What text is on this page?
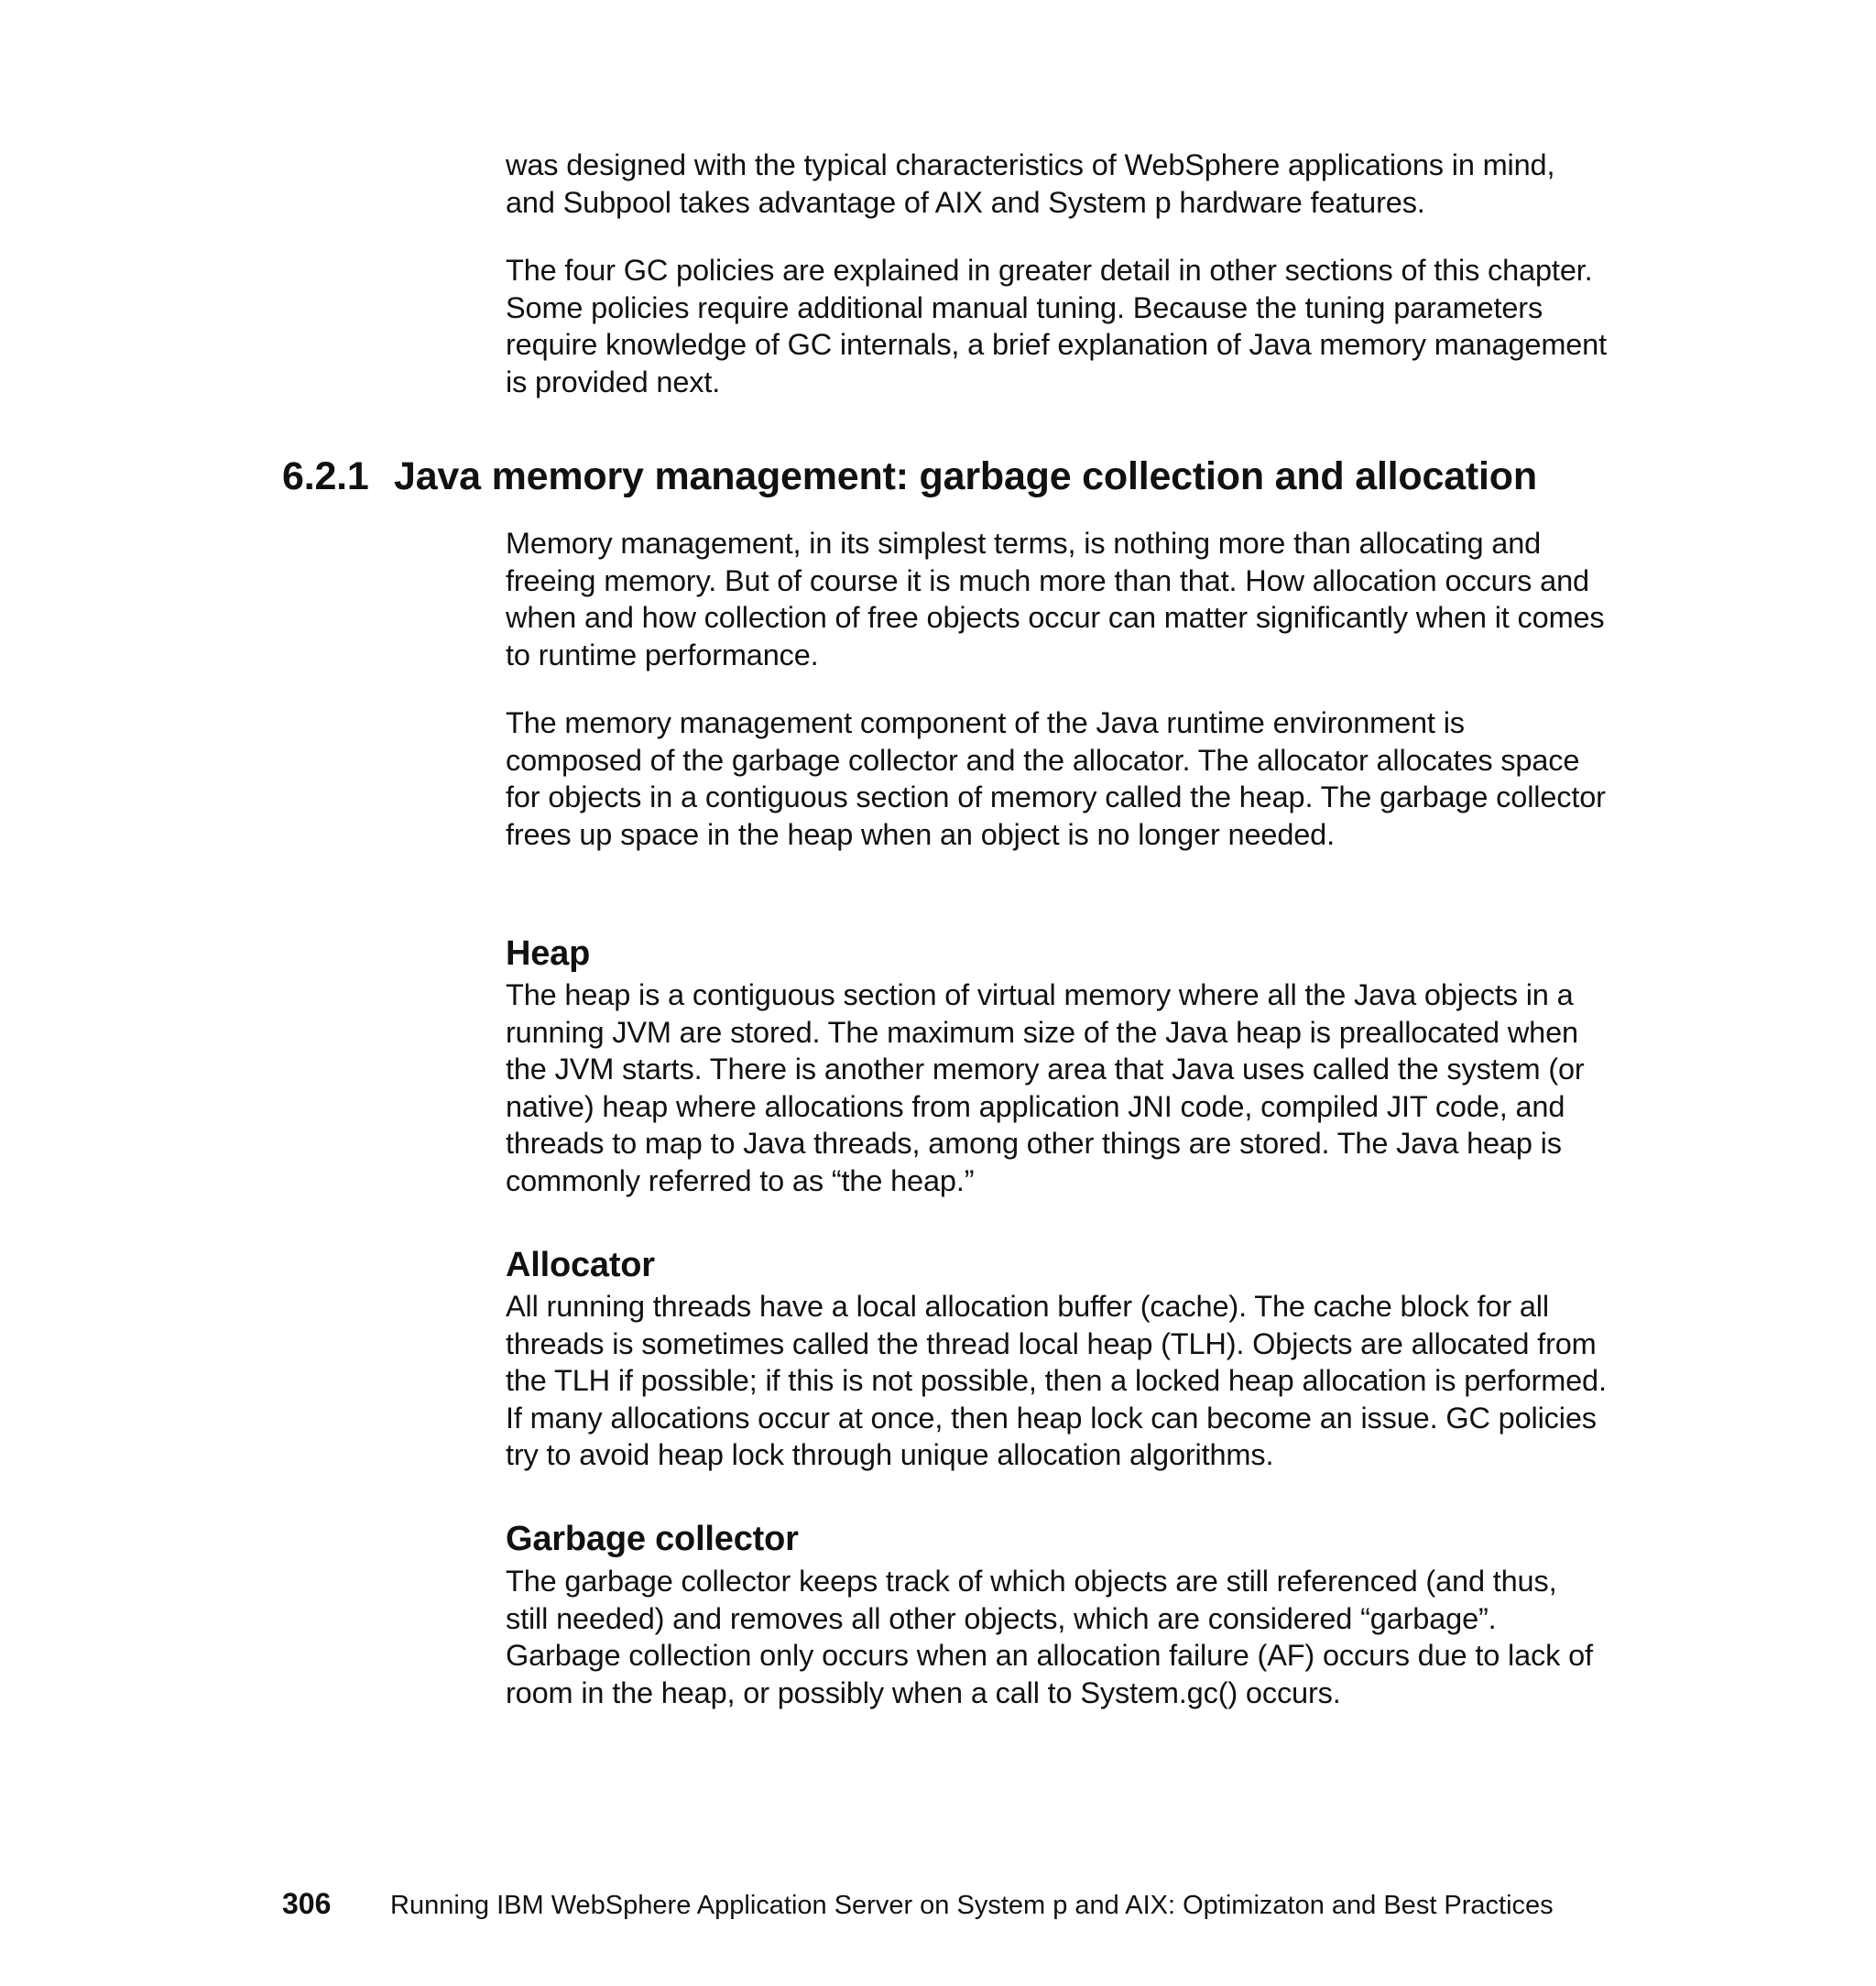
was designed with the typical characteristics of WebSphere applications in mind, and Subpool takes advantage of AIX and System p hardware features.

The four GC policies are explained in greater detail in other sections of this chapter. Some policies require additional manual tuning. Because the tuning parameters require knowledge of GC internals, a brief explanation of Java memory management is provided next.

6.2.1 Java memory management: garbage collection and allocation

Memory management, in its simplest terms, is nothing more than allocating and freeing memory. But of course it is much more than that. How allocation occurs and when and how collection of free objects occur can matter significantly when it comes to runtime performance.

The memory management component of the Java runtime environment is composed of the garbage collector and the allocator. The allocator allocates space for objects in a contiguous section of memory called the heap. The garbage collector frees up space in the heap when an object is no longer needed.

Heap

The heap is a contiguous section of virtual memory where all the Java objects in a running JVM are stored. The maximum size of the Java heap is preallocated when the JVM starts. There is another memory area that Java uses called the system (or native) heap where allocations from application JNI code, compiled JIT code, and threads to map to Java threads, among other things are stored. The Java heap is commonly referred to as “the heap.”

Allocator

All running threads have a local allocation buffer (cache). The cache block for all threads is sometimes called the thread local heap (TLH). Objects are allocated from the TLH if possible; if this is not possible, then a locked heap allocation is performed. If many allocations occur at once, then heap lock can become an issue. GC policies try to avoid heap lock through unique allocation algorithms.

Garbage collector

The garbage collector keeps track of which objects are still referenced (and thus, still needed) and removes all other objects, which are considered “garbage”. Garbage collection only occurs when an allocation failure (AF) occurs due to lack of room in the heap, or possibly when a call to System.gc() occurs.

306 Running IBM WebSphere Application Server on System p and AIX: Optimizaton and Best Practices
